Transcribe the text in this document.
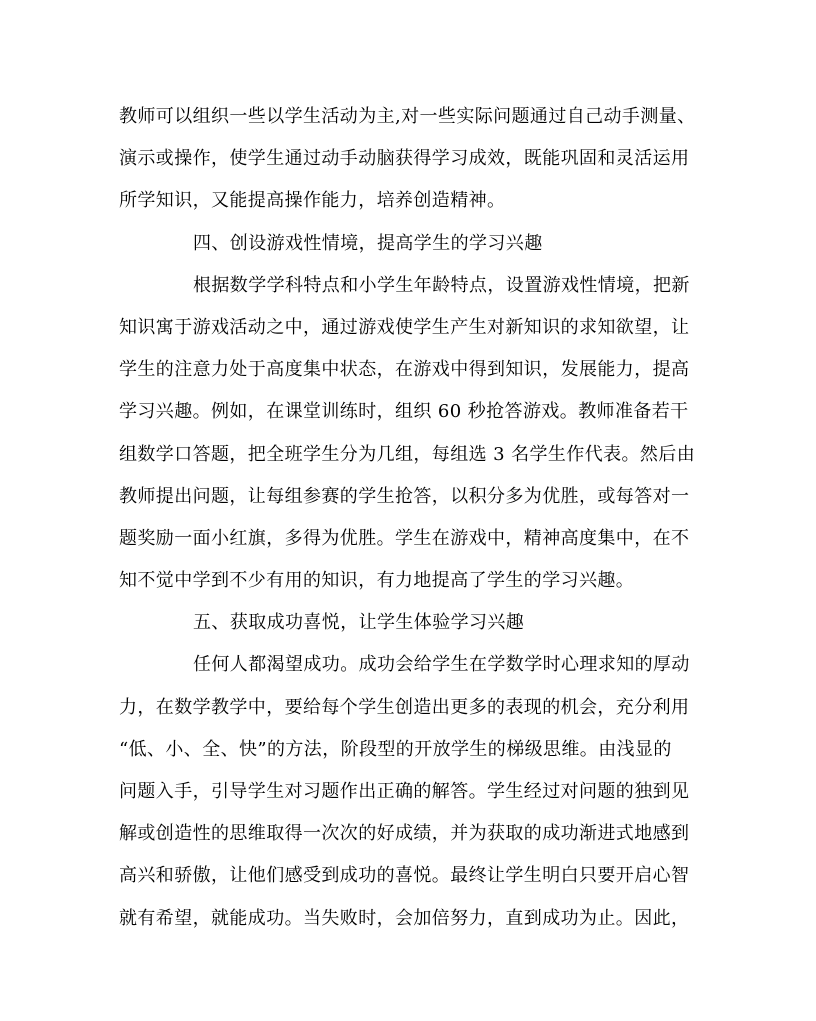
教师可以组织一些以学生活动为主,对一些实际问题通过自己动手测量、
演示或操作，使学生通过动手动脑获得学习成效，既能巩固和灵活运用
所学知识，又能提高操作能力，培养创造精神。
四、创设游戏性情境，提高学生的学习兴趣
根据数学学科特点和小学生年龄特点，设置游戏性情境，把新
知识寓于游戏活动之中，通过游戏使学生产生对新知识的求知欲望，让
学生的注意力处于高度集中状态，在游戏中得到知识，发展能力，提高
学习兴趣。例如，在课堂训练时，组织 60 秒抢答游戏。教师准备若干
组数学口答题，把全班学生分为几组，每组选 3 名学生作代表。然后由
教师提出问题，让每组参赛的学生抢答，以积分多为优胜，或每答对一
题奖励一面小红旗，多得为优胜。学生在游戏中，精神高度集中，在不
知不觉中学到不少有用的知识，有力地提高了学生的学习兴趣。
五、获取成功喜悦，让学生体验学习兴趣
任何人都渴望成功。成功会给学生在学数学时心理求知的厚动
力，在数学教学中，要给每个学生创造出更多的表现的机会，充分利用
“低、小、全、快”的方法，阶段型的开放学生的梯级思维。由浅显的
问题入手，引导学生对习题作出正确的解答。学生经过对问题的独到见
解或创造性的思维取得一次次的好成绩，并为获取的成功渐进式地感到
高兴和骄傲，让他们感受到成功的喜悦。最终让学生明白只要开启心智
就有希望，就能成功。当失败时，会加倍努力，直到成功为止。因此，
